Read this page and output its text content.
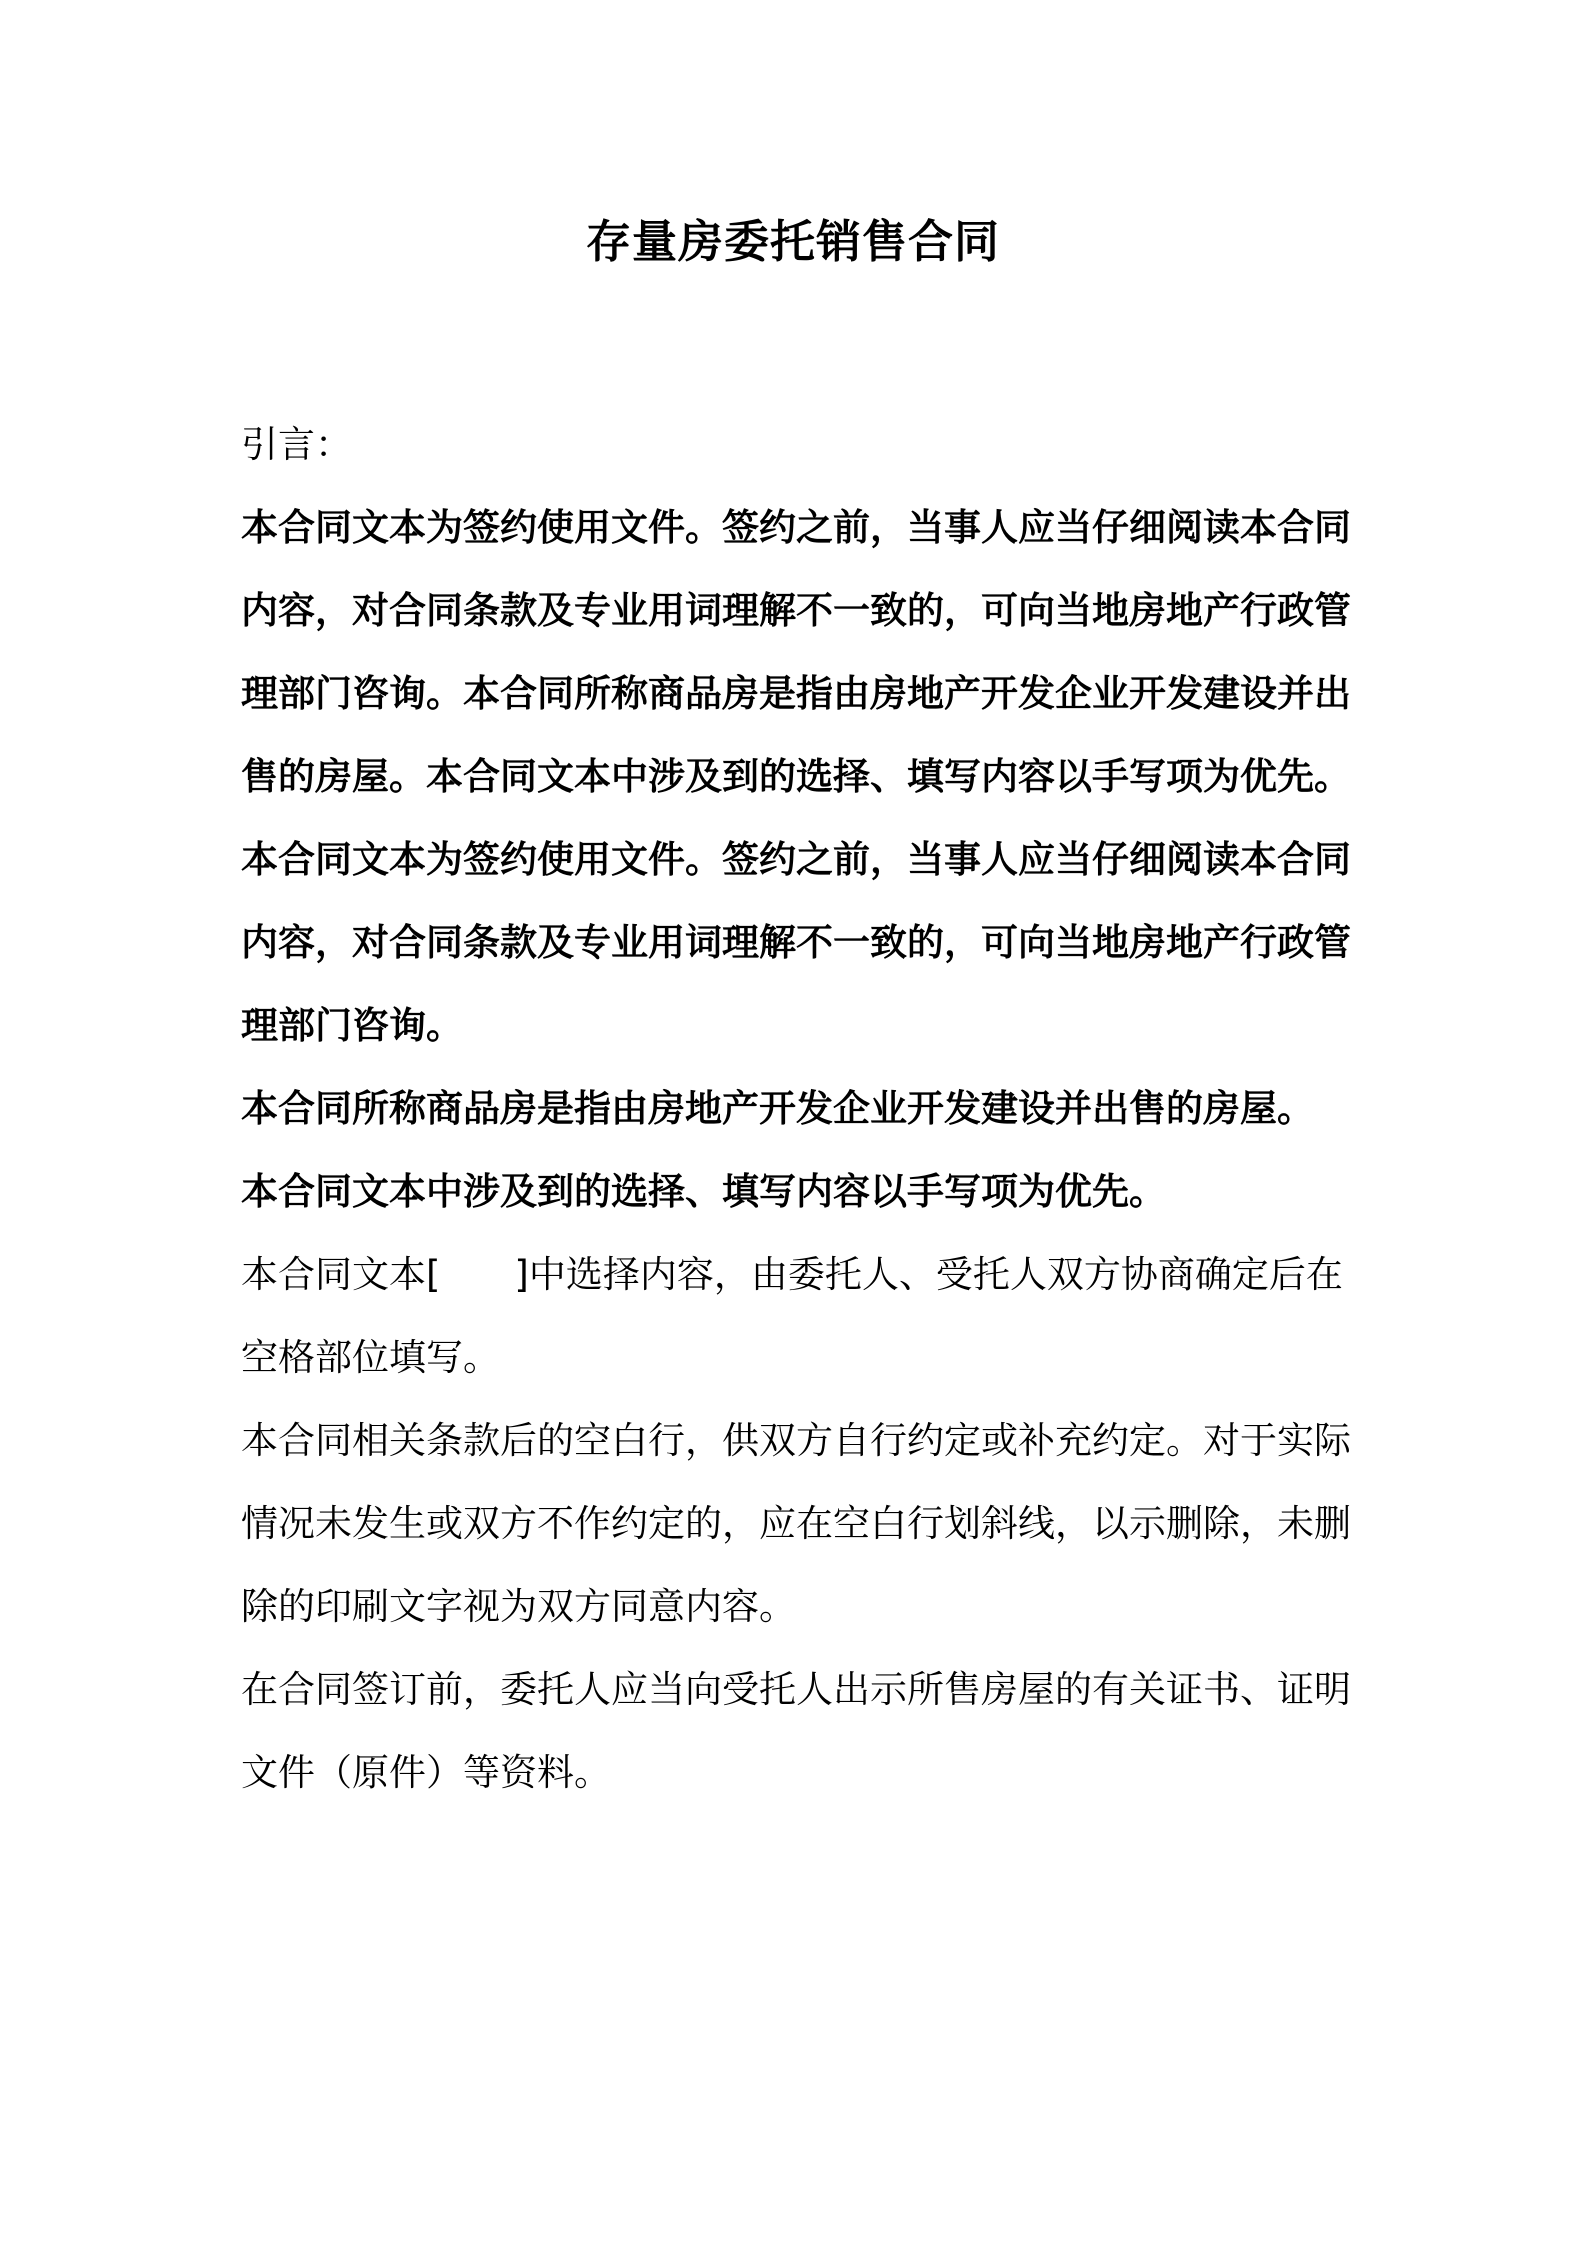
存量房委托销售合同

引言：

本合同文本为签约使用文件。签约之前，当事人应当仔细阅读本合同

内容，对合同条款及专业用词理解不一致的，可向当地房地产行政管

理部门咨询。本合同所称商品房是指由房地产开发企业开发建设并出

售的房屋。本合同文本中涉及到的选择、填写内容以手写项为优先。

本合同文本为签约使用文件。签约之前，当事人应当仔细阅读本合同

内容，对合同条款及专业用词理解不一致的，可向当地房地产行政管

理部门咨询。

本合同所称商品房是指由房地产开发企业开发建设并出售的房屋。

本合同文本中涉及到的选择、填写内容以手写项为优先。

本合同文本[　　]中选择内容，由委托人、受托人双方协商确定后在

空格部位填写。

本合同相关条款后的空白行，供双方自行约定或补充约定。对于实际

情况未发生或双方不作约定的，应在空白行划斜线，以示删除，未删

除的印刷文字视为双方同意内容。

在合同签订前，委托人应当向受托人出示所售房屋的有关证书、证明

文件（原件）等资料。
